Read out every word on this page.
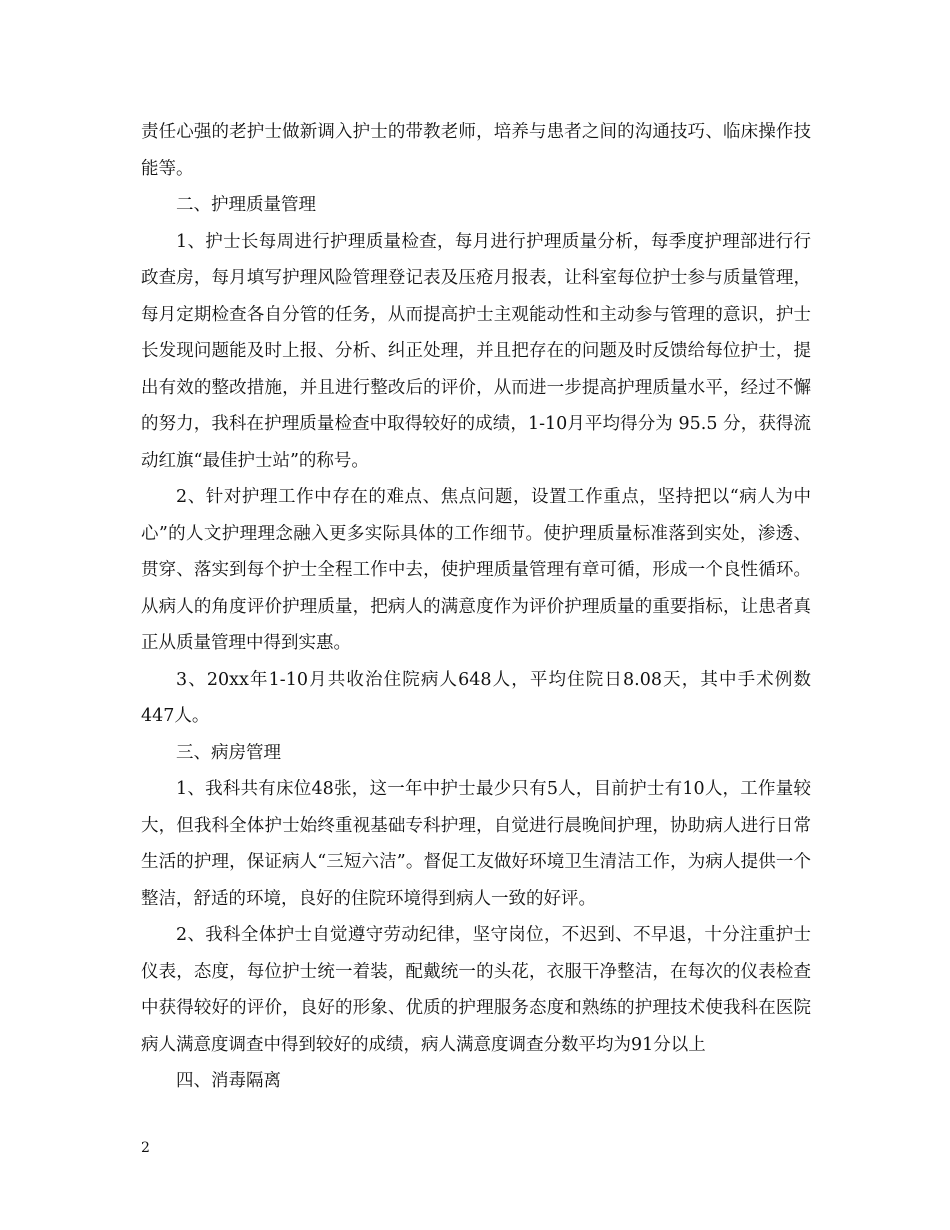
责任心强的老护士做新调入护士的带教老师，培养与患者之间的沟通技巧、临床操作技能等。

二、护理质量管理

1、护士长每周进行护理质量检查，每月进行护理质量分析，每季度护理部进行行政查房，每月填写护理风险管理登记表及压疮月报表，让科室每位护士参与质量管理，每月定期检查各自分管的任务，从而提高护士主观能动性和主动参与管理的意识，护士长发现问题能及时上报、分析、纠正处理，并且把存在的问题及时反馈给每位护士，提出有效的整改措施，并且进行整改后的评价，从而进一步提高护理质量水平，经过不懈的努力，我科在护理质量检查中取得较好的成绩，1-10月平均得分为 95.5 分，获得流动红旗“最佳护士站”的称号。

2、针对护理工作中存在的难点、焦点问题，设置工作重点，坚持把以“病人为中心”的人文护理理念融入更多实际具体的工作细节。使护理质量标准落到实处，渗透、贯穿、落实到每个护士全程工作中去，使护理质量管理有章可循，形成一个良性循环。从病人的角度评价护理质量，把病人的满意度作为评价护理质量的重要指标，让患者真正从质量管理中得到实惠。

3、20xx年1-10月共收治住院病人648人，平均住院日8.08天，其中手术例数447人。

三、病房管理

1、我科共有床位48张，这一年中护士最少只有5人，目前护士有10人，工作量较大，但我科全体护士始终重视基础专科护理，自觉进行晨晚间护理，协助病人进行日常生活的护理，保证病人“三短六洁”。督促工友做好环境卫生清洁工作，为病人提供一个整洁，舒适的环境，良好的住院环境得到病人一致的好评。

2、我科全体护士自觉遵守劳动纪律，坚守岗位，不迟到、不早退，十分注重护士仪表，态度，每位护士统一着装，配戴统一的头花，衣服干净整洁，在每次的仪表检查中获得较好的评价，良好的形象、优质的护理服务态度和熟练的护理技术使我科在医院病人满意度调查中得到较好的成绩，病人满意度调查分数平均为91分以上

四、消毒隔离

2
